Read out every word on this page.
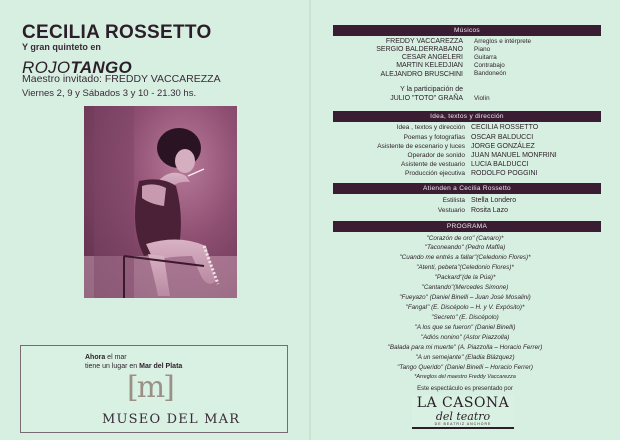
CECILIA ROSSETTO
Y gran quinteto en
ROJOTANGO
Maestro invitado: FREDDY VACCAREZZA
Viernes 2, 9 y Sábados 3 y 10 - 21.30 hs.
Ahora el mar
tiene un lugar en Mar del Plata
[m]
MUSEO DEL MAR
Músicos
FREDDY VACCAREZZA Arreglos e intérprete
SERGIO BALDERRABANO Piano
CESAR ANGELERI Guitarra
MARTIN KELEDJIAN Contrabajo
ALEJANDRO BRUSCHINI Bandoneón
Y la participación de
JULIO "TOTO" GRAÑA Violín
Idea, textos y dirección
Idea , textos y dirección CECILIA ROSSETTO
Poemas y fotografías OSCAR BALDUCCI
Asistente de escenario y luces JORGE GONZÁLEZ
Operador de sonido JUAN MANUEL MONFRINI
Asistente de vestuario LUCIA BALDUCCI
Producción ejecutiva RODOLFO POGGINI
Atienden a Cecilia Rossetto
Estilista Stella Londero
Vestuario Rosita Lazo
PROGRAMA
"Corazón de oro" (Canaro)*
"Taconeando" (Pedro Maffia)
"Cuando me entrés a fallar"(Celedonio Flores)*
"Atenti, pebeta"(Celedonio Flores)*
"Packard"(de la Púa)*
"Cantando"(Mercedes Simone)
"Fueyazo" (Daniel Binelli – Juan José Mosalini)
"Fangal" (E. Discépolo – H. y V. Expósito)*
"Secreto" (E. Discépolo)
"A los que se fueron" (Daniel Binelli)
"Adiós nonino" (Astor Piazzolla)
"Balada para mi muerte" (A. Piazzolla – Horacio Ferrer)
"A un semejante" (Eladia Blázquez)
"Tango Querido" (Daniel Binelli – Horacio Ferrer)
*Arreglos del maestro Freddy Vaccarezza
Este espectáculo es presentado por
LA CASONA
del teatro
DE BEATRIZ ANCHORE
